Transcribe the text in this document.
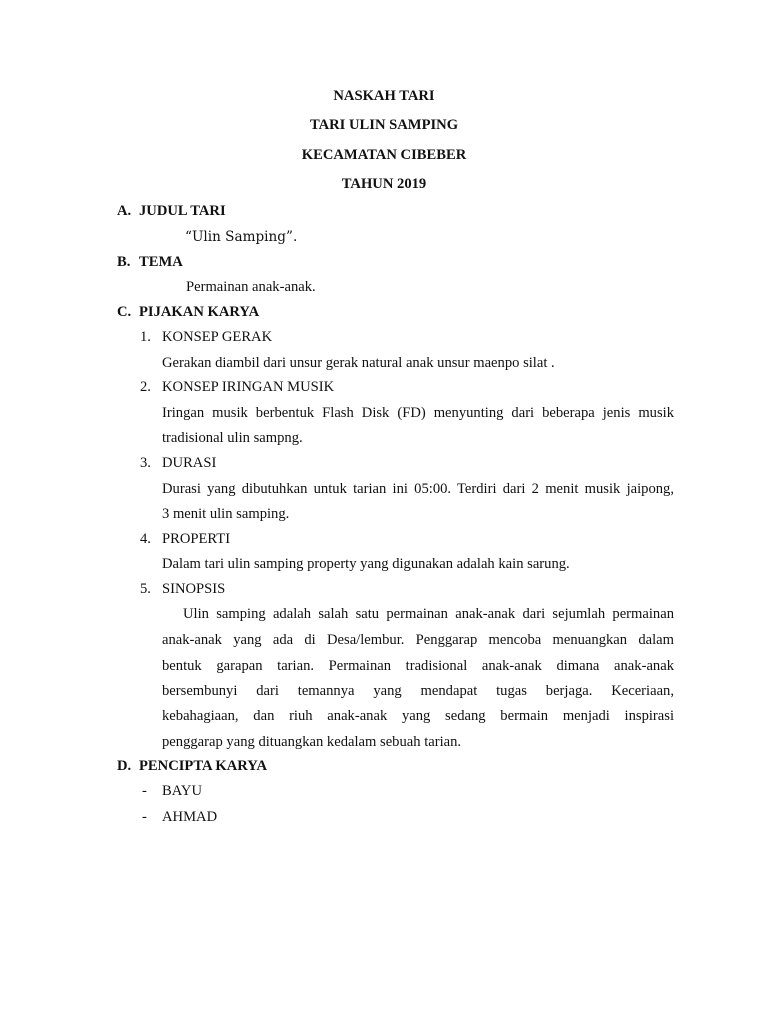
NASKAH TARI
TARI ULIN SAMPING
KECAMATAN CIBEBER
TAHUN 2019
A. JUDUL TARI
“Ulin Samping”.
B. TEMA
Permainan anak-anak.
C. PIJAKAN KARYA
1. KONSEP GERAK
Gerakan diambil dari unsur gerak natural anak unsur maenpo silat .
2. KONSEP IRINGAN MUSIK
Iringan musik berbentuk Flash Disk (FD) menyunting dari beberapa jenis musik
tradisional ulin sampng.
3. DURASI
Durasi yang dibutuhkan untuk tarian ini 05:00. Terdiri dari 2 menit musik jaipong,
3 menit ulin samping.
4. PROPERTI
Dalam tari ulin samping property yang digunakan adalah kain sarung.
5. SINOPSIS
Ulin samping adalah salah satu permainan anak-anak dari sejumlah permainan
anak-anak yang ada di Desa/lembur. Penggarap mencoba menuangkan dalam
bentuk garapan tarian. Permainan tradisional anak-anak dimana anak-anak
bersembunyi dari temannya yang mendapat tugas berjaga. Keceriaan,
kebahagiaan, dan riuh anak-anak yang sedang bermain menjadi inspirasi
penggarap yang dituangkan kedalam sebuah tarian.
D. PENCIPTA KARYA
- BAYU
- AHMAD
